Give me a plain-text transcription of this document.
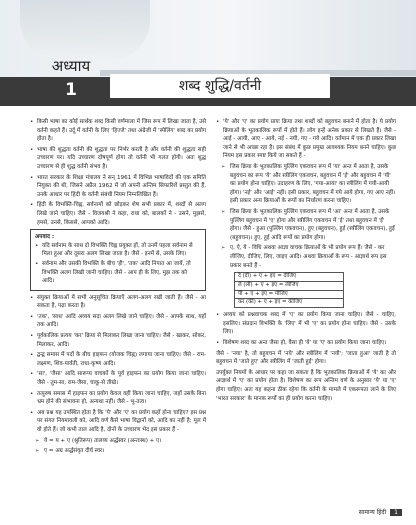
अध्याय
1	शब्द शुद्धि/वर्तनी

• किसी भाषा का कोई सार्थक शब्द किसी वर्णमाला में जिस रूप में लिखा जाता है, उसे वर्तनी कहते हैं। उर्दू में वर्तनी के लिए 'हिज्जे' तथा अंग्रेजी में 'स्पेलिंग' शब्द का प्रयोग होता है।

• भाषा की शुद्धता वर्तनी की शुद्धता पर निर्भर करती है और वर्तनी की शुद्धता सही उच्चारण पर। यदि उच्चारण दोषपूर्ण होगा तो वर्तनी भी गलत होगी। अतः शुद्ध उच्चारण से ही शुद्ध वर्तनी संभव है।

• भारत सरकार के शिक्षा मंत्रालय ने सन् 1961 में विभिन्न भाषाविदों की एक समिति नियुक्त की थी, जिसने अप्रैल 1962 में जो अपनी अन्तिम सिफारिशें प्रस्तुत की हैं, उनके आधार पर हिंदी के वर्तनी संबंधी नियम निम्नलिखित हैं।

• हिंदी के विभक्ति-चिह्न, सर्वनामों को छोड़कर शेष सभी प्रकार में, शब्दों से अलग लिखे जाने चाहिए। जैसे - विजयश्री ने कहा, राधा को, बालकों ने - उसने, मुझसे, हमसे, उनसे, किससे, आपको आदि।

अपवाद :
• यदि सर्वनाम के साथ दो विभक्ति चिह्न प्रयुक्त हों, तो उनमें पहला सर्वनाम से मिला हुआ और दूसरा अलग लिखा जाता है। जैसे - इनमें से, उसके लिए।
• सर्वनाम और उसकी विभक्ति के बीच 'ही', 'तक' आदि निपात आ जायें, तो विभक्ति अलग लिखी जानी चाहिए। जैसे - आप ही के लिए, मुझ तक को आदि।

• संयुक्त क्रियाओं में सभी अनुसूचित क्रियाएँ अलग-अलग रखी जाती हैं। जैसे - आ सकता है, पढ़ा करता है।

• 'तक', 'साथ' आदि अव्यय सदा अलग लिखे जाने चाहिए। जैसे - आपके साथ, यहाँ तक आदि।

• पूर्वकालिक प्रत्यय 'कर' क्रिया से मिलाकर लिखा जाना चाहिए। जैसे - खाकर, सोकर, मिलाकर, आदि।

• द्वन्द्व समास में पदों के बीच हाइफन (योजक चिह्न) लगाया जाना चाहिए। जैसे - राम-लक्ष्मण, शिव-पार्वती, राधा-कृष्ण आदि।

• 'सा', 'जैसा' आदि सारूप्य वाचकों के पूर्व हाइफन का प्रयोग किया जाना चाहिए। जैसे - तुम-सा, राम-जैसा, चाकू-से तीखे।

• तत्पुरुष समास में हाइफन का प्रयोग केवल वहीं किया जाना चाहिए, जहाँ उसके बिना भ्रम होने की संभावना हो, अन्यथा नहीं। जैसे - भू-तत्व।

• अब प्रश्न यह उपस्थित होता है कि 'ये' और 'ए' का प्रयोग कहाँ होना चाहिए? इस प्रश्न पर संगत नियमावली को, आदि वर्ण कैसे भाषा विद्वानों को, आदि का नहीं है; मूल में वो होते हैं। जो कभी ताल आदि है, दोनों के उच्चारण भेद इस प्रकार हैं -

➢ ये = य + ए (श्रुतिरूप) तालव्य अर्द्धस्वर (अन्तःस्थ) + ए।

➢ ए = अग्र अर्द्धसंवृत दीर्घ स्वर।

• 'ये' और 'ए' का प्रयोग प्रायः क्रिया तथा शब्दों को बहुवचन बनाने में होता है। ये प्रयोग क्रियाओं के भूतकालिक रूपों में होते हैं। लोग इन्हें अनेक प्रकार से लिखते हैं। जैसे - आई - आयी, आए - आये, नई - नयी, गए - गये आदि। वर्तमान में एक ही प्रकार लिखा जाने से भी अच्छा रहा है। इस संबंध में कुछ प्रमुख आवश्यक नियम बनने चाहिए। कुछ नियम इस प्रकार स्पष्ट किये जा सकते हैं -

➢ जिस क्रिया के भूतकालिक पुल्लिंग एकवचन रूप में 'या' अन्त में आता है, उसके बहुवचन का रूप 'ये' और स्त्रीलिंग एकवचन, बहुवचन में 'ई' और बहुवचन में 'यी' का प्रयोग होना चाहिए। उदाहरण के लिए, 'गया-आया' का स्त्रीलिंग में गयी-आयी होगा। 'नई' और 'आई' नहीं। इसी प्रकार, बहुवचन में गये आये होगा, गए आए नहीं। इसी प्रकार अन्य क्रियाओं के रूपों का निर्धारण करना चाहिए।

➢ जिस क्रिया के भूतकालिक पुल्लिंग एकवचन रूप में 'आ' अन्त में आता है, उसके पुल्लिंग बहुवचन में 'ए' होगा और स्त्रीलिंग एकवचन में 'ई' तथा बहुवचन में 'ईं' होगा। जैसे - हुआ (पुल्लिंग एकवचन), हुए (बहुवचन), हुई (स्त्रीलिंग एकवचन), हुईं (बहुवचन)। हुए, हुई आदि रूपों का प्रयोग होगा।

➢ ए, ऐ, ये - विधि अथवा आज्ञा वाचक क्रियाओं के भी प्रयोग रूप हैं। जैसे - कर लीजिए, दीजिए, लिए, जाइए आदि। अथवा क्रियाओं के रूप - आज्ञार्थ रूप इस प्रकार बनते हैं -

दे (दी) + ए + इए = दीजिए
ले (ली) + ए + इए = लीजिए
पी + ए + इए = पीजिए
कर (की) + ए + इए = कीजिए

• अव्यय को प्रश्नवाचक शब्द में 'ए' का प्रयोग किया जाना चाहिए। जैसे - चाहिए, इसलिए। संप्रदान विभक्ति के 'लिए' में भी 'ए' का प्रयोग होना चाहिए। जैसे - उसके लिए।

• विशेषण शब्द का अन्त जैसा हो, वैसा ही 'ये' या 'ए' का प्रयोग किया जाना चाहिए।

जैसे - 'नया' है, तो बहुवचन में 'नये' और स्त्रीलिंग में 'नयी'; 'जाता हुआ' जाती है तो बहुवचन में 'जाते हुए' और स्त्रीलिंग में 'जाती हुई' होगा।

उपर्युक्त नियमों के आधार पर कहा जा सकता है कि भूतकालिक क्रियाओं में 'ये' का और आज्ञार्थ में 'ए' का प्रयोग होता है। विशेषण का रूप अन्तिम वर्ण के अनुसार 'ये' या 'ए' होगा चाहिए। अतः यह कहना ठीक रहेगा कि वर्तनी के मामले में एकरूपता लाने के लिए 'भारत सरकार' के मानक रूपों का ही प्रयोग करना चाहिए।

सामान्य हिंदी 1
